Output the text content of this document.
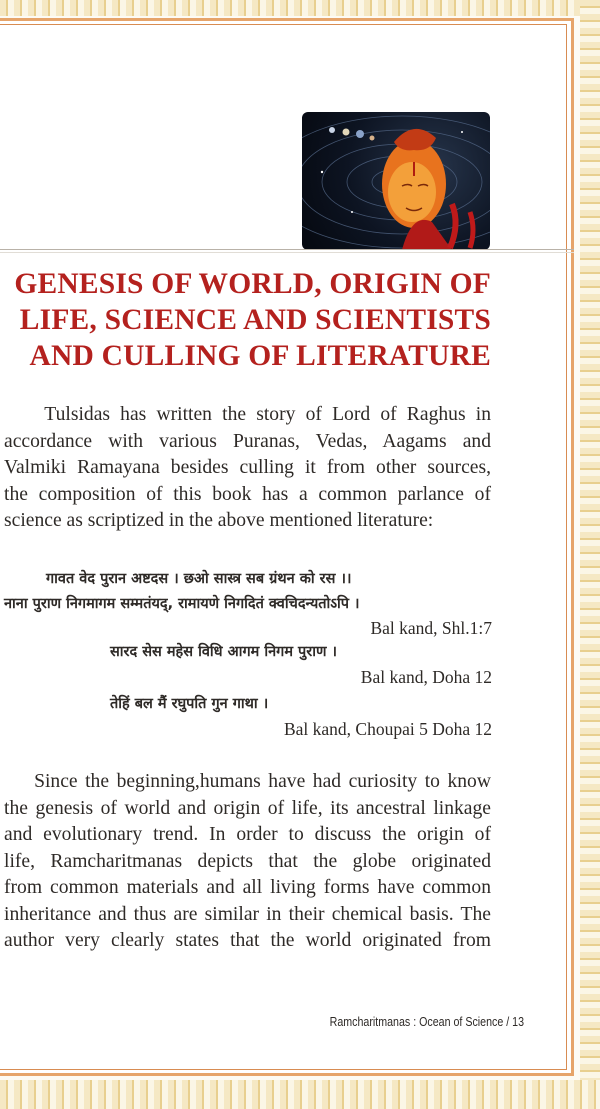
GENESIS OF WORLD, ORIGIN OF
LIFE, SCIENCE AND SCIENTISTS
AND CULLING OF LITERATURE
Tulsidas has written the story of Lord of Raghus in
accordance with various Puranas, Vedas, Aagams and
Valmiki Ramayana besides culling it from other sources,
the composition of this book has a common parlance of
science as scriptized in the above mentioned literature:
गावत वेद पुरान अष्टदस । छओ सास्त्र सब ग्रंथन को रस ।।
नाना पुराण निगमागम सम्मतंयद्, रामायणे निगदितं क्वचिदन्यतोऽपि ।
Bal kand, Shl.1:7
सारद सेस महेस विधि आगम निगम पुराण ।
Bal kand, Doha 12
तेहिं बल मैं रघुपति गुन गाथा ।
Bal kand, Choupai 5 Doha 12
Since the beginning,humans have had curiosity to know
the genesis of world and origin of life, its ancestral linkage
and evolutionary trend. In order to discuss the origin of
life, Ramcharitmanas depicts that the globe originated
from common materials and all living forms have common
inheritance and thus are similar in their chemical basis. The
author very clearly states that the world originated from
Ramcharitmanas : Ocean of Science / 13
